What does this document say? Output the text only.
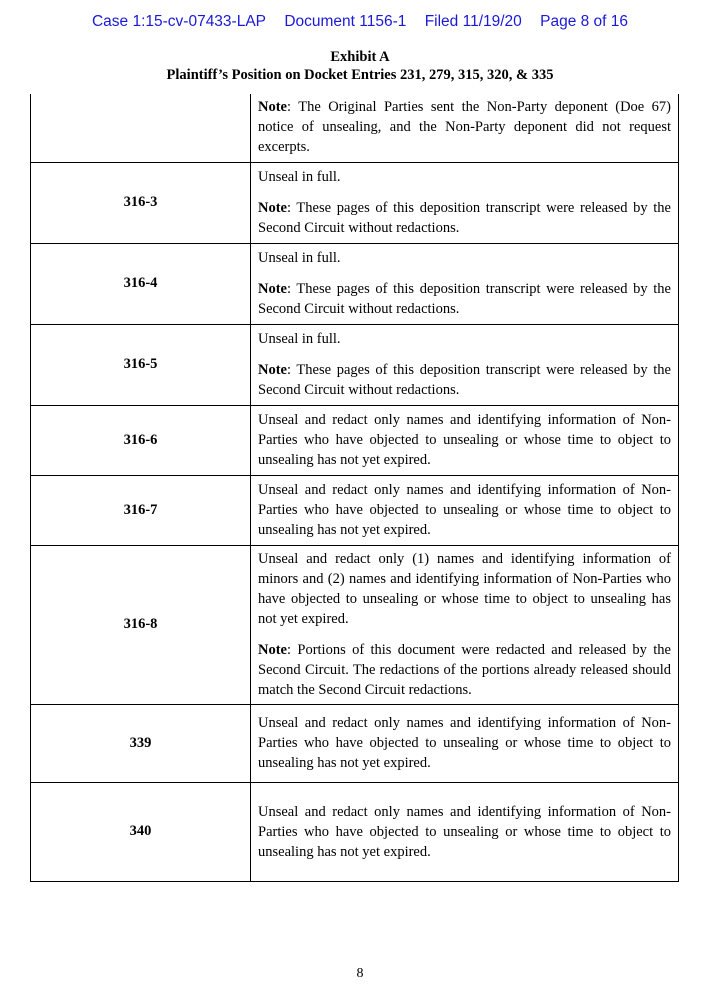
Case 1:15-cv-07433-LAP Document 1156-1 Filed 11/19/20 Page 8 of 16
Exhibit A
Plaintiff’s Position on Docket Entries 231, 279, 315, 320, & 335

	Note: The Original Parties sent the Non-Party deponent (Doe 67) notice of unsealing, and the Non-Party deponent did not request excerpts.

316-3	Unseal in full.

Note: These pages of this deposition transcript were released by the Second Circuit without redactions.

316-4	Unseal in full.

Note: These pages of this deposition transcript were released by the Second Circuit without redactions.

316-5	Unseal in full.

Note: These pages of this deposition transcript were released by the Second Circuit without redactions.

316-6	Unseal and redact only names and identifying information of Non-Parties who have objected to unsealing or whose time to object to unsealing has not yet expired.

316-7	Unseal and redact only names and identifying information of Non-Parties who have objected to unsealing or whose time to object to unsealing has not yet expired.

316-8	Unseal and redact only (1) names and identifying information of minors and (2) names and identifying information of Non-Parties who have objected to unsealing or whose time to object to unsealing has not yet expired.

Note: Portions of this document were redacted and released by the Second Circuit. The redactions of the portions already released should match the Second Circuit redactions.

339	Unseal and redact only names and identifying information of Non-Parties who have objected to unsealing or whose time to object to unsealing has not yet expired.

340	Unseal and redact only names and identifying information of Non-Parties who have objected to unsealing or whose time to object to unsealing has not yet expired.

8
